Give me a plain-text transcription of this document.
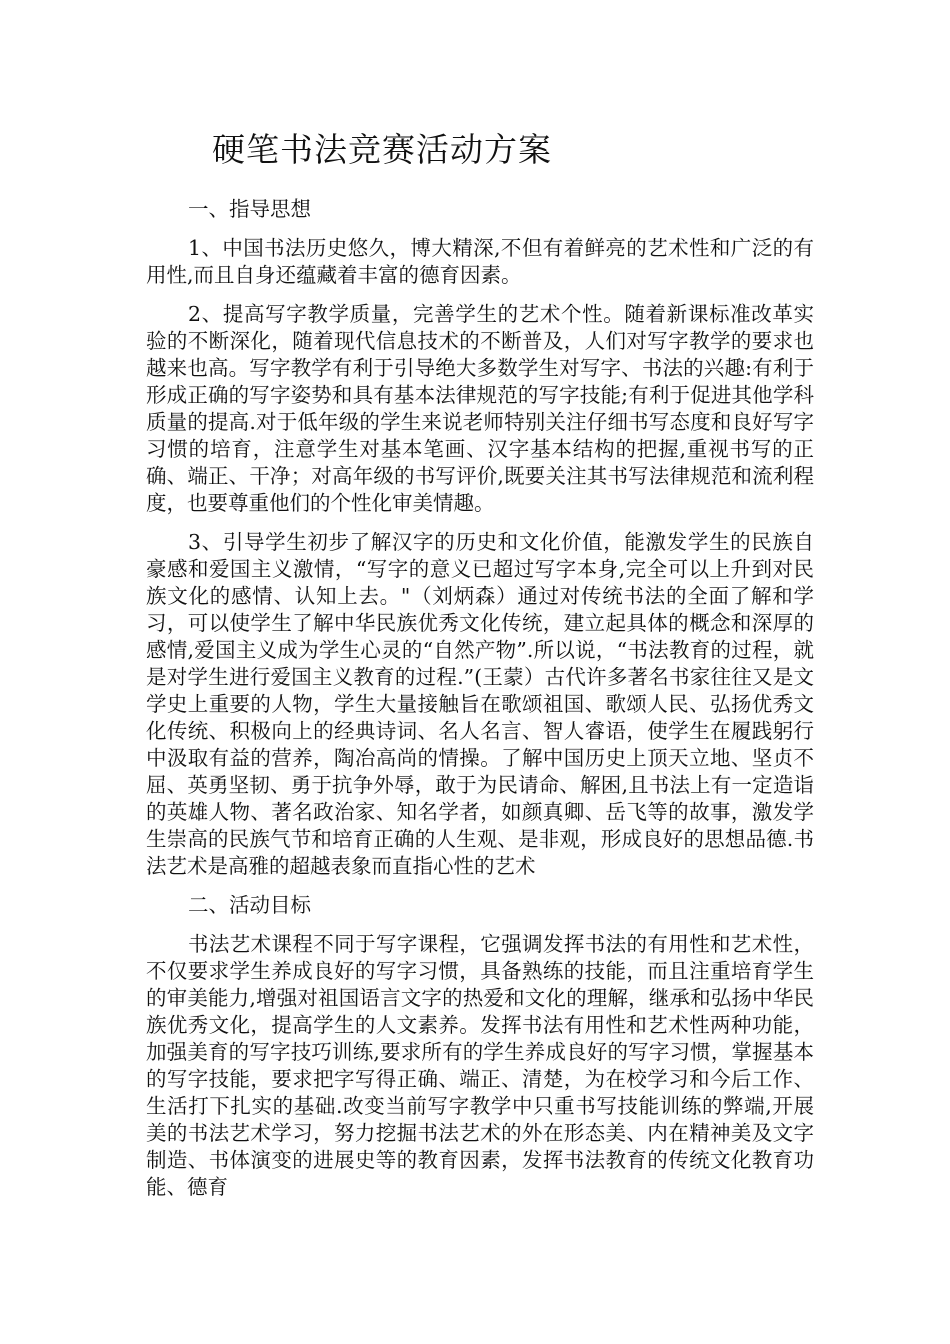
硬笔书法竞赛活动方案
一、指导思想

1、中国书法历史悠久，博大精深,不但有着鲜亮的艺术性和广泛的有用性,而且自身还蕴藏着丰富的德育因素。

2、提高写字教学质量，完善学生的艺术个性。随着新课标准改革实验的不断深化，随着现代信息技术的不断普及，人们对写字教学的要求也越来也高。写字教学有利于引导绝大多数学生对写字、书法的兴趣:有利于形成正确的写字姿势和具有基本法律规范的写字技能;有利于促进其他学科质量的提高.对于低年级的学生来说老师特别关注仔细书写态度和良好写字习惯的培育，注意学生对基本笔画、汉字基本结构的把握,重视书写的正确、端正、干净；对高年级的书写评价,既要关注其书写法律规范和流利程度，也要尊重他们的个性化审美情趣。

3、引导学生初步了解汉字的历史和文化价值，能激发学生的民族自豪感和爱国主义激情，“写字的意义已超过写字本身,完全可以上升到对民族文化的感情、认知上去。"（刘炳森）通过对传统书法的全面了解和学习，可以使学生了解中华民族优秀文化传统，建立起具体的概念和深厚的感情,爱国主义成为学生心灵的“自然产物”.所以说，“书法教育的过程，就是对学生进行爱国主义教育的过程.”(王蒙）古代许多著名书家往往又是文学史上重要的人物，学生大量接触旨在歌颂祖国、歌颂人民、弘扬优秀文化传统、积极向上的经典诗词、名人名言、智人睿语，使学生在履践躬行中汲取有益的营养，陶冶高尚的情操。了解中国历史上顶天立地、坚贞不屈、英勇坚韧、勇于抗争外辱，敢于为民请命、解困,且书法上有一定造诣的英雄人物、著名政治家、知名学者，如颜真卿、岳飞等的故事，激发学生崇高的民族气节和培育正确的人生观、是非观，形成良好的思想品德.书法艺术是高雅的超越表象而直指心性的艺术

二、活动目标

书法艺术课程不同于写字课程，它强调发挥书法的有用性和艺术性，不仅要求学生养成良好的写字习惯，具备熟练的技能，而且注重培育学生的审美能力,增强对祖国语言文字的热爱和文化的理解，继承和弘扬中华民族优秀文化，提高学生的人文素养。发挥书法有用性和艺术性两种功能，加强美育的写字技巧训练,要求所有的学生养成良好的写字习惯，掌握基本的写字技能，要求把字写得正确、端正、清楚，为在校学习和今后工作、生活打下扎实的基础.改变当前写字教学中只重书写技能训练的弊端,开展美的书法艺术学习，努力挖掘书法艺术的外在形态美、内在精神美及文字制造、书体演变的进展史等的教育因素，发挥书法教育的传统文化教育功能、德育
